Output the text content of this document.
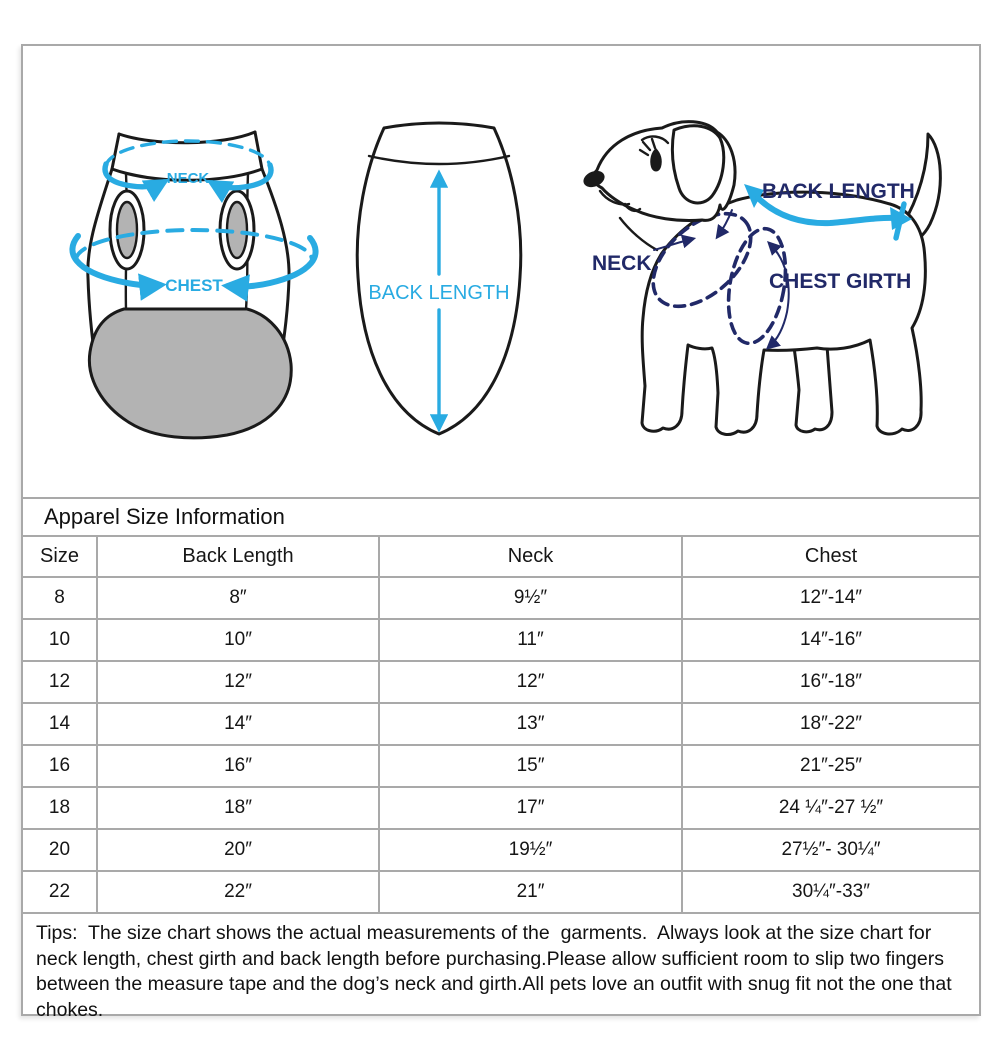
NECK
CHEST	BACK LENGTH
NECK
BACK LENGTH
CHEST GIRTH
Apparel Size Information
Size	Back Length	Neck	Chest
8	8″	9½″	12″-14″
10	10″	11″	14″-16″
12	12″	12″	16″-18″
14	14″	13″	18″-22″
16	16″	15″	21″-25″
18	18″	17″	24 ¼″-27 ½″
20	20″	19½″	27½″- 30¼″
22	22″	21″	30¼″-33″
Tips:  The size chart shows the actual measurements of the  garments.  Always look at the size chart for neck length, chest girth and back length before purchasing.Please allow sufficient room to slip two fingers between the measure tape and the dog’s neck and girth.All pets love an outfit with snug fit not the one that chokes.
